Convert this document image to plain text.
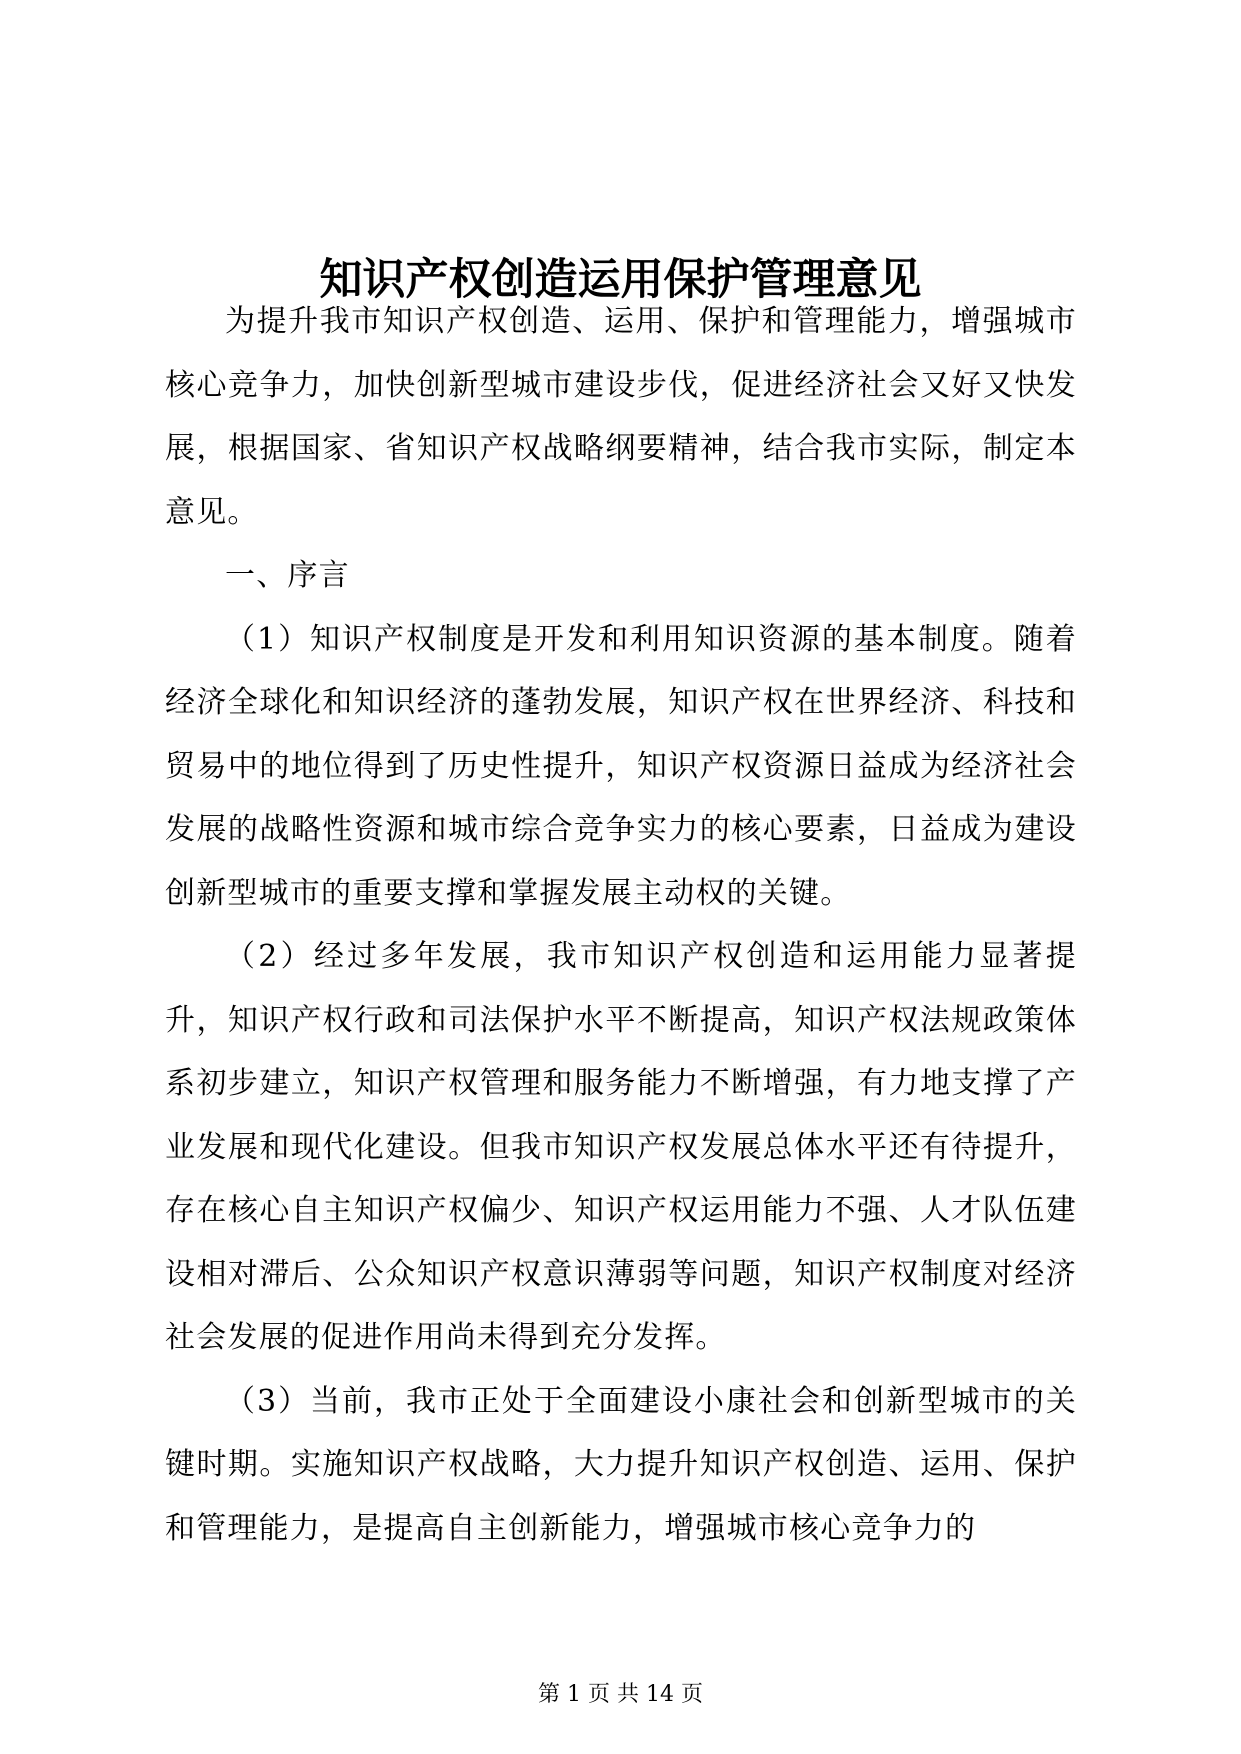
知识产权创造运用保护管理意见

为提升我市知识产权创造、运用、保护和管理能力，增强城市核心竞争力，加快创新型城市建设步伐，促进经济社会又好又快发展，根据国家、省知识产权战略纲要精神，结合我市实际，制定本意见。

一、序言

（1）知识产权制度是开发和利用知识资源的基本制度。随着经济全球化和知识经济的蓬勃发展，知识产权在世界经济、科技和贸易中的地位得到了历史性提升，知识产权资源日益成为经济社会发展的战略性资源和城市综合竞争实力的核心要素，日益成为建设创新型城市的重要支撑和掌握发展主动权的关键。

（2）经过多年发展，我市知识产权创造和运用能力显著提升，知识产权行政和司法保护水平不断提高，知识产权法规政策体系初步建立，知识产权管理和服务能力不断增强，有力地支撑了产业发展和现代化建设。但我市知识产权发展总体水平还有待提升，存在核心自主知识产权偏少、知识产权运用能力不强、人才队伍建设相对滞后、公众知识产权意识薄弱等问题，知识产权制度对经济社会发展的促进作用尚未得到充分发挥。

（3）当前，我市正处于全面建设小康社会和创新型城市的关键时期。实施知识产权战略，大力提升知识产权创造、运用、保护和管理能力，是提高自主创新能力，增强城市核心竞争力的

第 1 页 共 14 页
